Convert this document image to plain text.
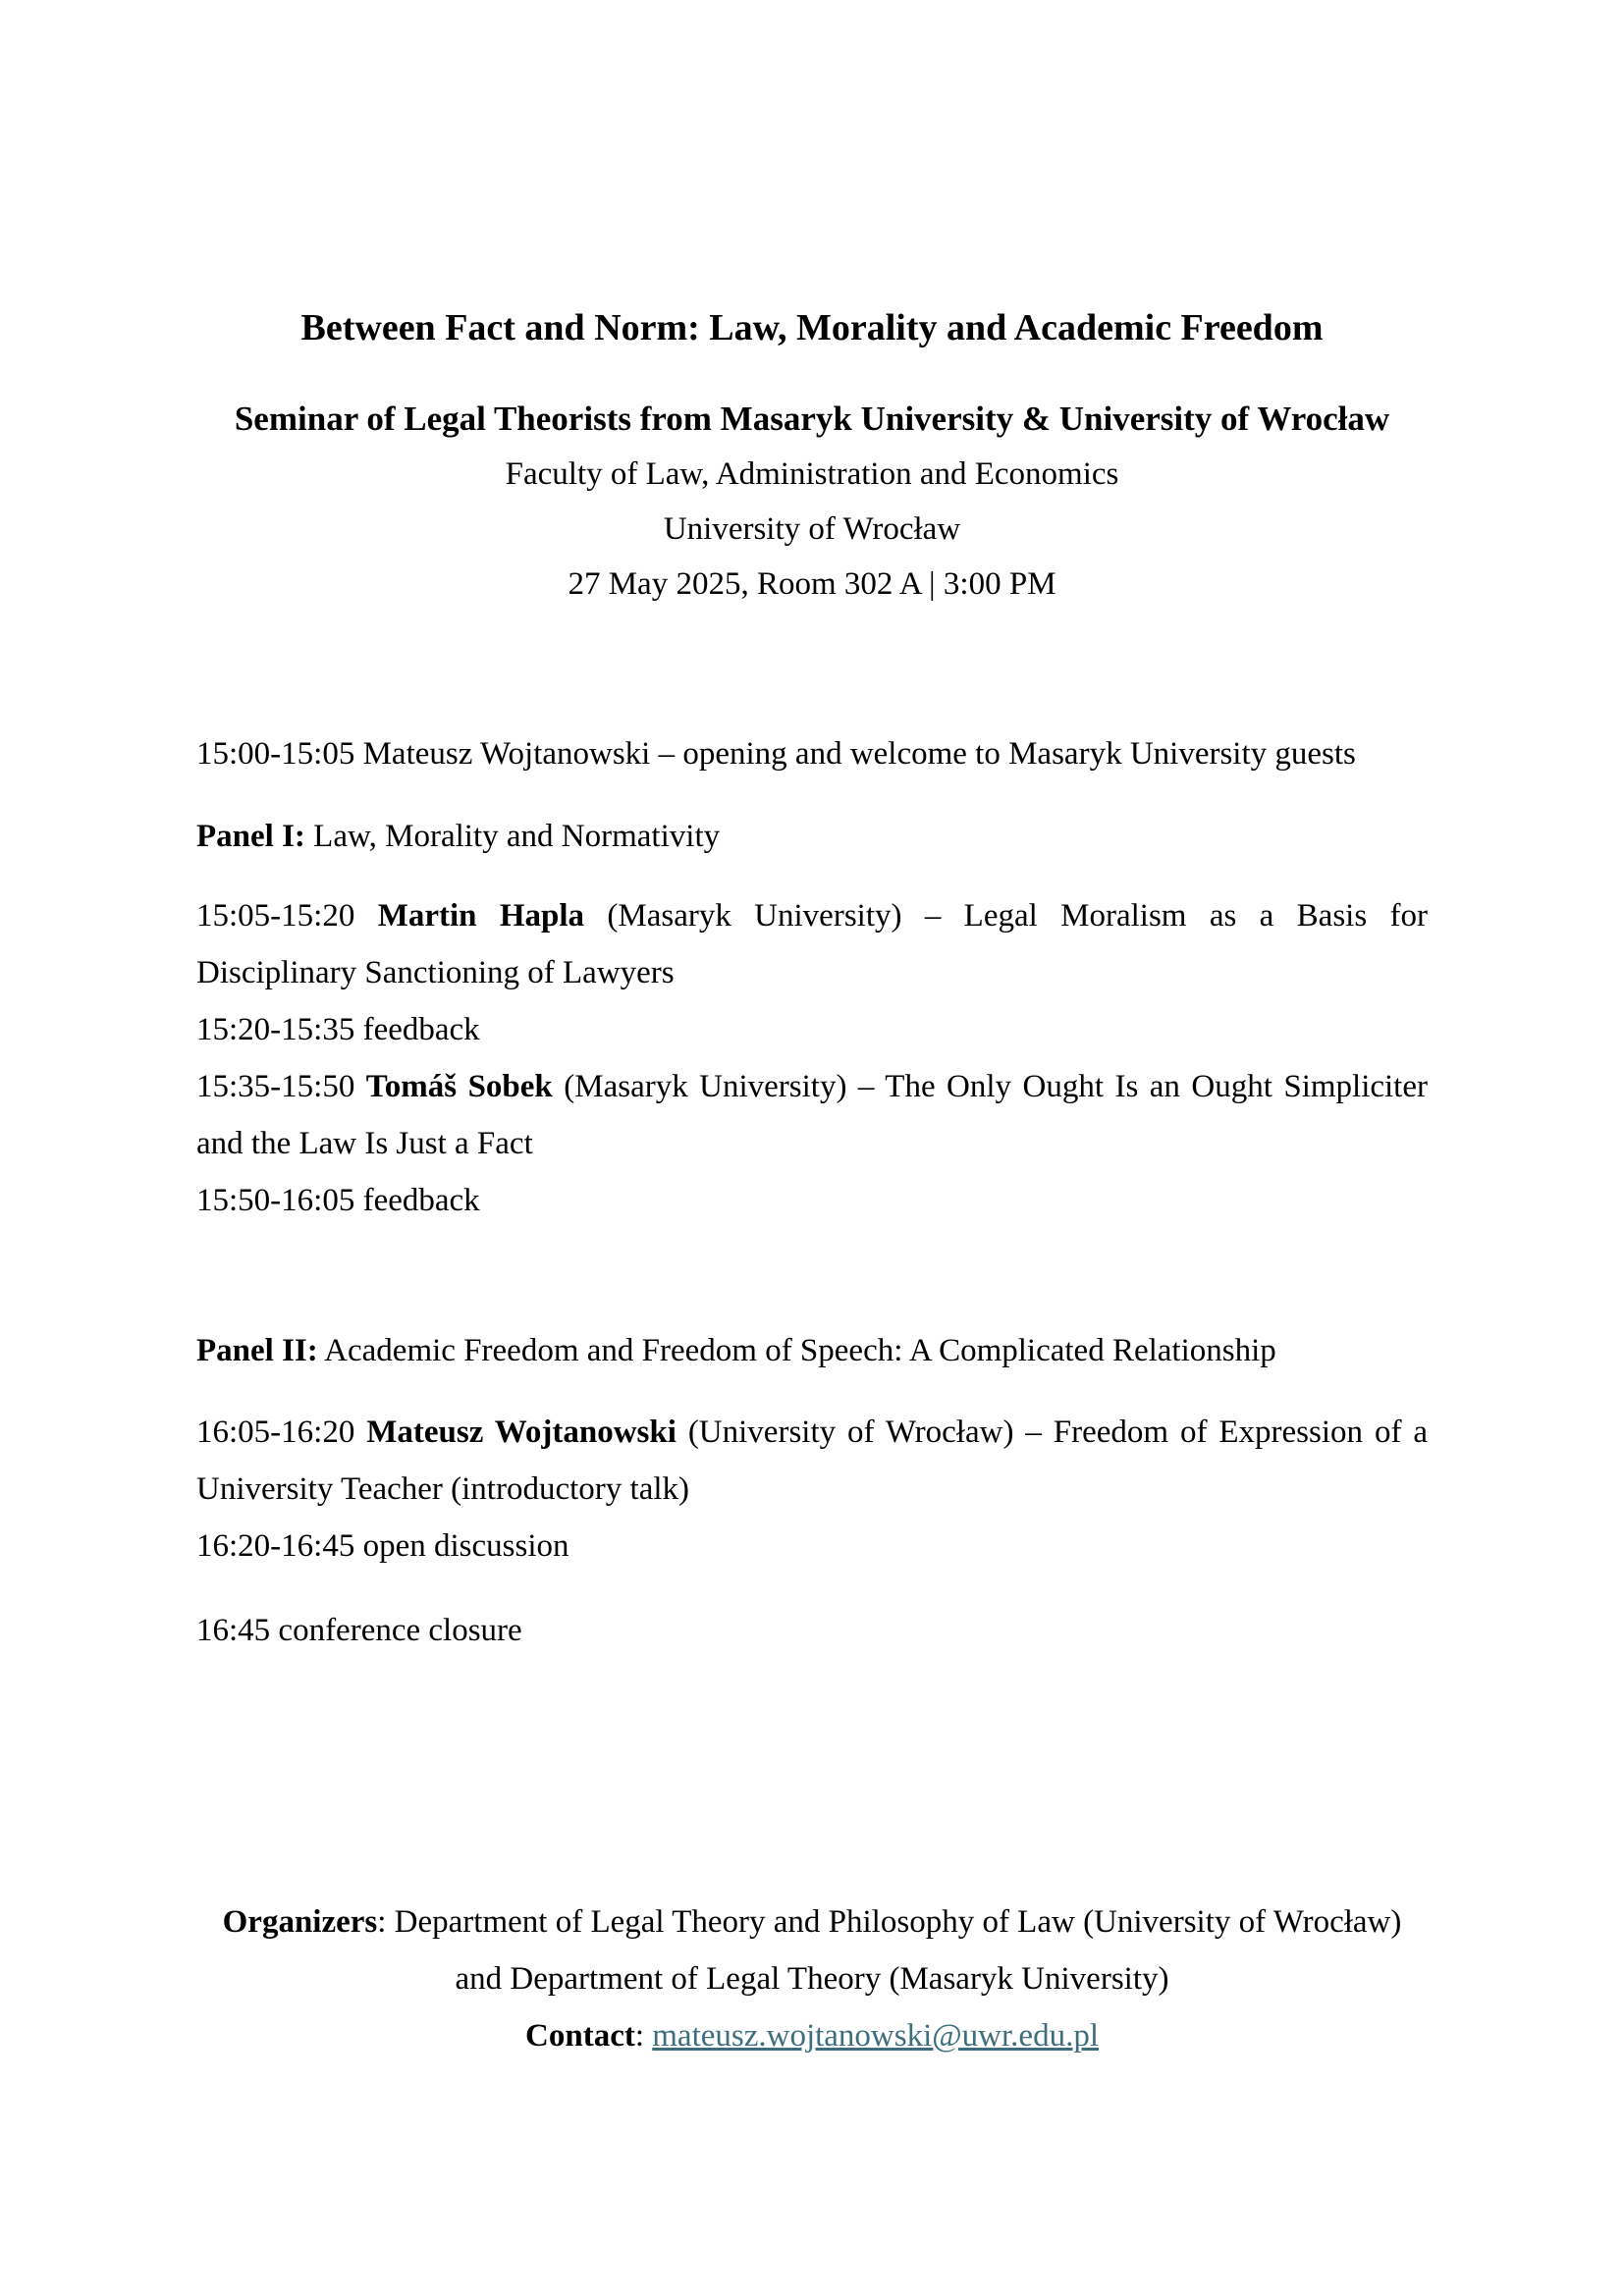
Between Fact and Norm: Law, Morality and Academic Freedom

Seminar of Legal Theorists from Masaryk University & University of Wrocław

Faculty of Law, Administration and Economics

University of Wrocław

27 May 2025, Room 302 A | 3:00 PM

15:00-15:05 Mateusz Wojtanowski – opening and welcome to Masaryk University guests

Panel I: Law, Morality and Normativity

15:05-15:20 Martin Hapla (Masaryk University) – Legal Moralism as a Basis for Disciplinary Sanctioning of Lawyers

15:20-15:35 feedback

15:35-15:50 Tomáš Sobek (Masaryk University) – The Only Ought Is an Ought Simpliciter and the Law Is Just a Fact

15:50-16:05 feedback

Panel II: Academic Freedom and Freedom of Speech: A Complicated Relationship

16:05-16:20 Mateusz Wojtanowski (University of Wrocław) – Freedom of Expression of a University Teacher (introductory talk)

16:20-16:45 open discussion

16:45 conference closure

Organizers: Department of Legal Theory and Philosophy of Law (University of Wrocław)

and Department of Legal Theory (Masaryk University)

Contact: mateusz.wojtanowski@uwr.edu.pl
